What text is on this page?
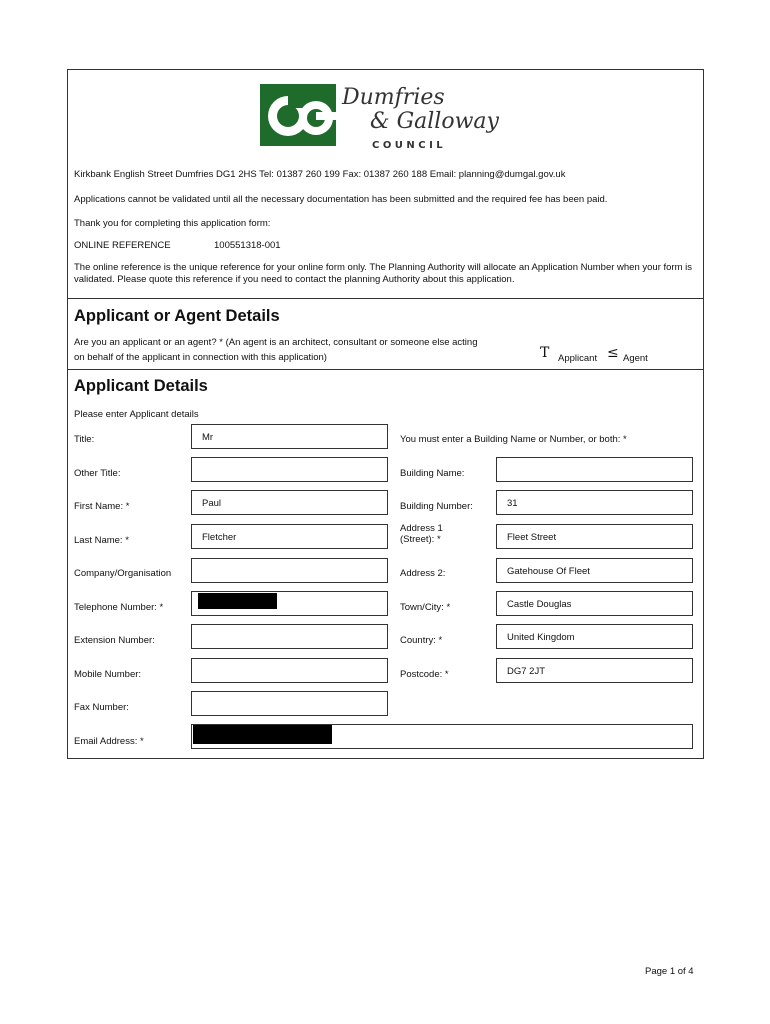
Dumfries
& Galloway
C O U N C I L
Kirkbank English Street Dumfries DG1 2HS Tel: 01387 260 199 Fax: 01387 260 188 Email: planning@dumgal.gov.uk
Applications cannot be validated until all the necessary documentation has been submitted and the required fee has been paid.
Thank you for completing this application form:
ONLINE REFERENCE	100551318-001
The online reference is the unique reference for your online form only. The Planning Authority will allocate an Application Number when your form is validated. Please quote this reference if you need to contact the planning Authority about this application.
Applicant or Agent Details
Are you an applicant or an agent? * (An agent is an architect, consultant or someone else acting
on behalf of the applicant in connection with this application)	T Applicant ≤ Agent
Applicant Details
Please enter Applicant details
You must enter a Building Name or Number, or both: *
Title:	Mr
Other Title:
First Name: *	Paul
Last Name: *	Fletcher
Company/Organisation
Telephone Number: *
Extension Number:
Mobile Number:
Fax Number:
Building Name:
Building Number:	31
Address 1
(Street): *	Fleet Street
Address 2:	Gatehouse Of Fleet
Town/City: *	Castle Douglas
Country: *	United Kingdom
Postcode: *	DG7 2JT
Email Address: *
Page 1 of 4
